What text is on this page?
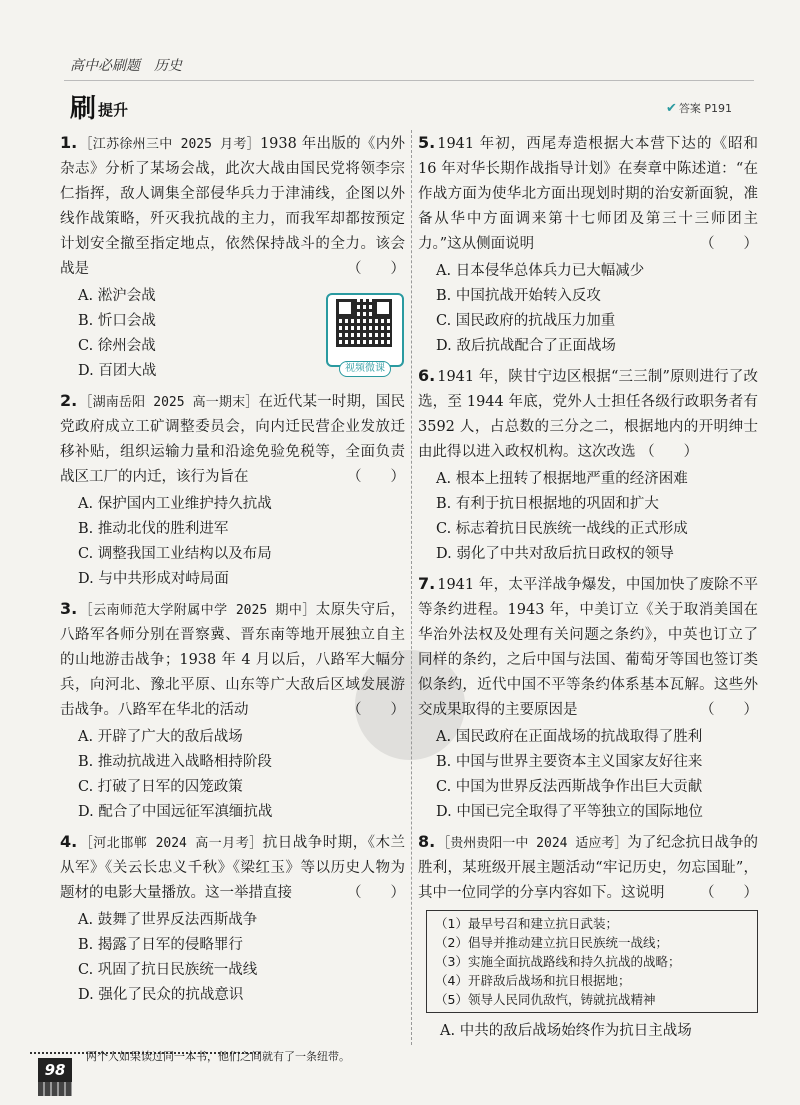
高中必刷题　历史
刷 提升	✔ 答案 P191
1. ［江苏徐州三中 2025 月考］1938 年出版的《内外杂志》分析了某场会战，此次大战由国民党将领李宗仁指挥，敌人调集全部侵华兵力于津浦线，企图以外线作战策略，歼灭我抗战的主力，而我军却都按预定计划安全撤至指定地点，依然保持战斗的全力。该会战是	（　　）
A. 淞沪会战
B. 忻口会战
C. 徐州会战
D. 百团大战
2. ［湖南岳阳 2025 高一期末］在近代某一时期，国民党政府成立工矿调整委员会，向内迁民营企业发放迁移补贴，组织运输力量和沿途免验免税等，全面负责战区工厂的内迁，该行为旨在	（　　）
A. 保护国内工业维护持久抗战
B. 推动北伐的胜利进军
C. 调整我国工业结构以及布局
D. 与中共形成对峙局面
3. ［云南师范大学附属中学 2025 期中］太原失守后，八路军各师分别在晋察冀、晋东南等地开展独立自主的山地游击战争；1938 年 4 月以后，八路军大幅分兵，向河北、豫北平原、山东等广大敌后区域发展游击战争。八路军在华北的活动	（　　）
A. 开辟了广大的敌后战场
B. 推动抗战进入战略相持阶段
C. 打破了日军的囚笼政策
D. 配合了中国远征军滇缅抗战
4. ［河北邯郸 2024 高一月考］抗日战争时期，《木兰从军》《关云长忠义千秋》《梁红玉》等以历史人物为题材的电影大量播放。这一举措直接	（　　）
A. 鼓舞了世界反法西斯战争
B. 揭露了日军的侵略罪行
C. 巩固了抗日民族统一战线
D. 强化了民众的抗战意识
视频微课
5. 1941 年初，西尾寿造根据大本营下达的《昭和 16 年对华长期作战指导计划》在奏章中陈述道：“在作战方面为使华北方面出现划时期的治安新面貌，准备从华中方面调来第十七师团及第三十三师团主力。”这从侧面说明	（　　）
A. 日本侵华总体兵力已大幅减少
B. 中国抗战开始转入反攻
C. 国民政府的抗战压力加重
D. 敌后抗战配合了正面战场
6. 1941 年，陕甘宁边区根据“三三制”原则进行了改选，至 1944 年底，党外人士担任各级行政职务者有 3592 人，占总数的三分之二，根据地内的开明绅士由此得以进入政权机构。这次改选 （　　）
A. 根本上扭转了根据地严重的经济困难
B. 有利于抗日根据地的巩固和扩大
C. 标志着抗日民族统一战线的正式形成
D. 弱化了中共对敌后抗日政权的领导
7. 1941 年，太平洋战争爆发，中国加快了废除不平等条约进程。1943 年，中美订立《关于取消美国在华治外法权及处理有关问题之条约》，中英也订立了同样的条约，之后中国与法国、葡萄牙等国也签订类似条约，近代中国不平等条约体系基本瓦解。这些外交成果取得的主要原因是	（　　）
A. 国民政府在正面战场的抗战取得了胜利
B. 中国与世界主要资本主义国家友好往来
C. 中国为世界反法西斯战争作出巨大贡献
D. 中国已完全取得了平等独立的国际地位
8. ［贵州贵阳一中 2024 适应考］为了纪念抗日战争的胜利，某班级开展主题活动“牢记历史，勿忘国耻”，其中一位同学的分享内容如下。这说明 （　　）
（1）最早号召和建立抗日武装；
（2）倡导并推动建立抗日民族统一战线；
（3）实施全面抗战路线和持久抗战的战略；
（4）开辟敌后战场和抗日根据地；
（5）领导人民同仇敌忾，铸就抗战精神
A. 中共的敌后战场始终作为抗日主战场
98
两个人如果读过同一本书，他们之间就有了一条纽带。
